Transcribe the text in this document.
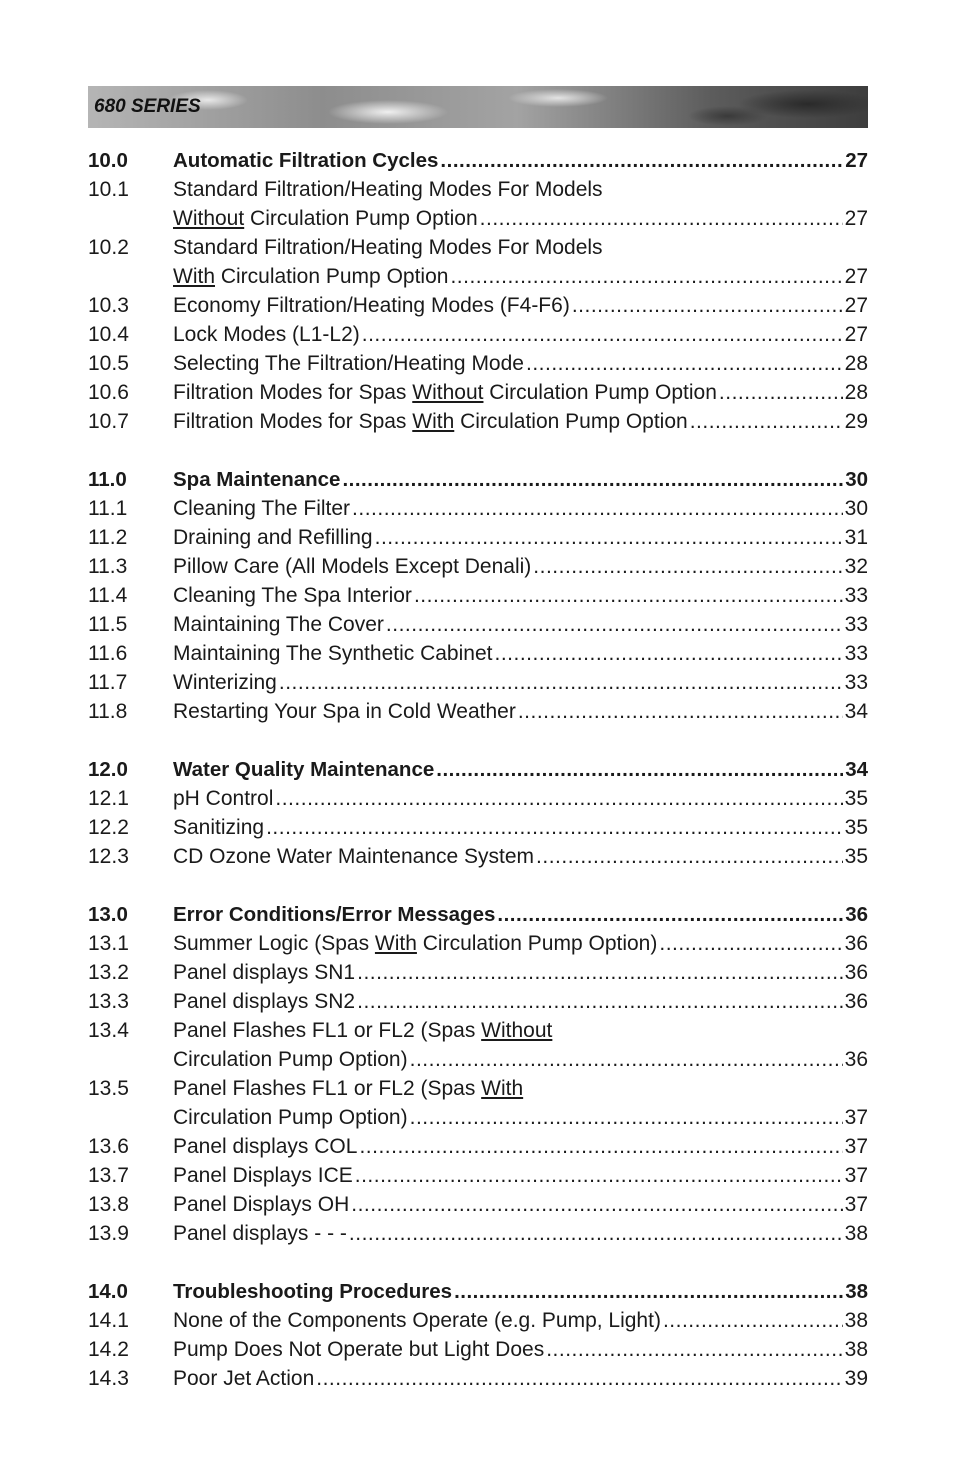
680 SERIES
10.0	Automatic Filtration Cycles .....	27
10.1	Standard Filtration/Heating Modes For Models
Without Circulation Pump Option .....	27
10.2	Standard Filtration/Heating Modes For Models
With Circulation Pump Option .....	27
10.3	Economy Filtration/Heating Modes (F4-F6) .....	27
10.4	Lock Modes (L1-L2) .....	27
10.5	Selecting The Filtration/Heating Mode .....	28
10.6	Filtration Modes for Spas Without Circulation Pump Option .....	28
10.7	Filtration Modes for Spas With Circulation Pump Option .....	29
11.0	Spa Maintenance .....	30
11.1	Cleaning The Filter .....	30
11.2	Draining and Refilling .....	31
11.3	Pillow Care (All Models Except Denali) .....	32
11.4	Cleaning The Spa Interior .....	33
11.5	Maintaining The Cover .....	33
11.6	Maintaining The Synthetic Cabinet .....	33
11.7	Winterizing .....	33
11.8	Restarting Your Spa in Cold Weather .....	34
12.0	Water Quality Maintenance .....	34
12.1	pH Control .....	35
12.2	Sanitizing .....	35
12.3	CD Ozone Water Maintenance System .....	35
13.0	Error Conditions/Error Messages .....	36
13.1	Summer Logic (Spas With Circulation Pump Option) .....	36
13.2	Panel displays SN1 .....	36
13.3	Panel displays SN2 .....	36
13.4	Panel Flashes FL1 or FL2 (Spas Without
Circulation Pump Option) .....	36
13.5	Panel Flashes FL1 or FL2 (Spas With
Circulation Pump Option) .....	37
13.6	Panel displays COL .....	37
13.7	Panel Displays ICE .....	37
13.8	Panel Displays OH .....	37
13.9	Panel displays - - - .....	38
14.0	Troubleshooting Procedures .....	38
14.1	None of the Components Operate (e.g. Pump, Light) .....	38
14.2	Pump Does Not Operate but Light Does .....	38
14.3	Poor Jet Action .....	39
